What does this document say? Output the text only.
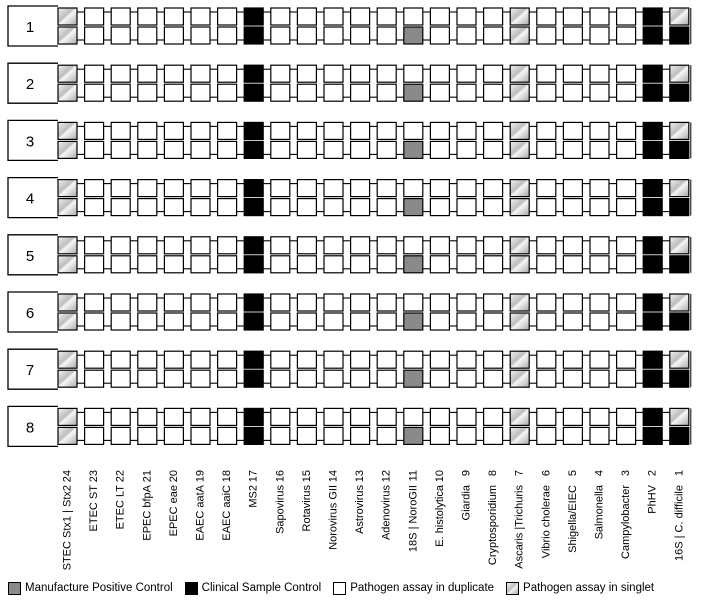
1
2
3
4
5
6
7
8
24
STEC Stx1 | Stx2
23
ETEC ST
22
ETEC LT
21
EPEC bfpA
20
EPEC eae
19
EAEC aatA
18
EAEC aaiC
17
MS2
16
Sapovirus
15
Rotavirus
14
Norovirus GII
13
Astrovirus
12
Adenovirus
11
18S | NoroGII
10
E. histolytica
9
Giardia
8
Cryptosporidium
7
Ascaris |Trichuris
6
Vibrio cholerae
5
Shigella/EIEC
4
Salmonella
3
Campylobacter
2
PhHV
1
16S | C. difficile
Manufacture Positive Control	Clinical Sample Control	Pathogen assay in duplicate	Pathogen assay in singlet
